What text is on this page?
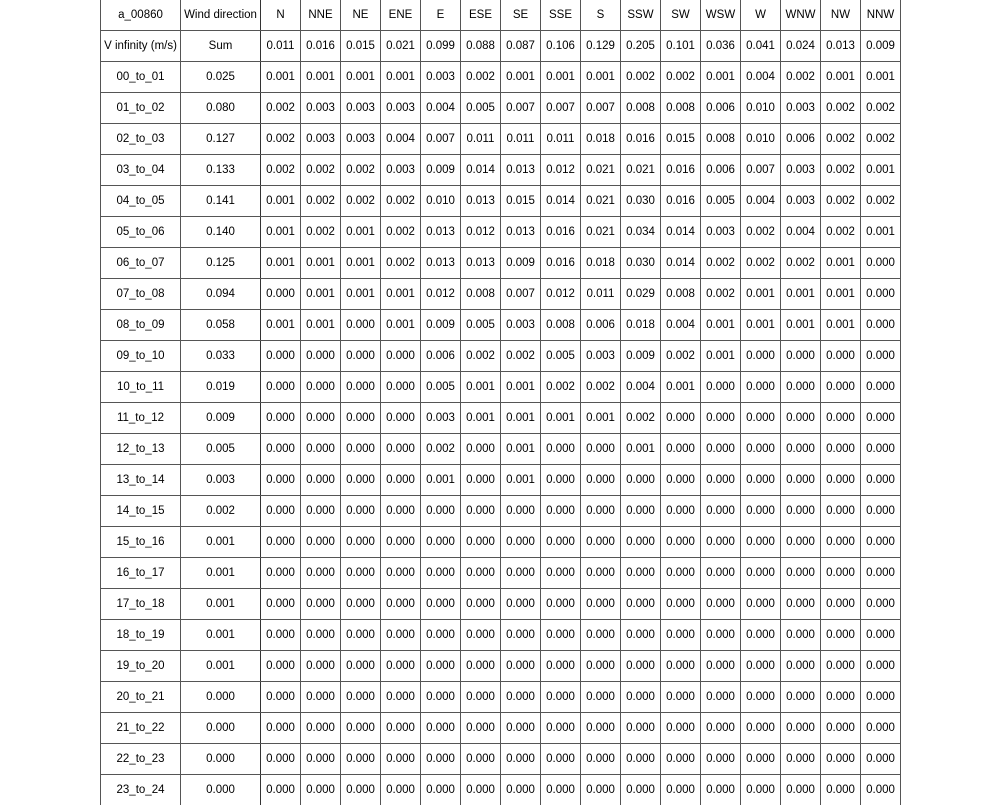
a_00860	Wind direction	N	NNE	NE	ENE	E	ESE	SE	SSE	S	SSW	SW	WSW	W	WNW	NW	NNW
V infinity (m/s)	Sum	0.011	0.016	0.015	0.021	0.099	0.088	0.087	0.106	0.129	0.205	0.101	0.036	0.041	0.024	0.013	0.009
00_to_01	0.025	0.001	0.001	0.001	0.001	0.003	0.002	0.001	0.001	0.001	0.002	0.002	0.001	0.004	0.002	0.001	0.001
01_to_02	0.080	0.002	0.003	0.003	0.003	0.004	0.005	0.007	0.007	0.007	0.008	0.008	0.006	0.010	0.003	0.002	0.002
02_to_03	0.127	0.002	0.003	0.003	0.004	0.007	0.011	0.011	0.011	0.018	0.016	0.015	0.008	0.010	0.006	0.002	0.002
03_to_04	0.133	0.002	0.002	0.002	0.003	0.009	0.014	0.013	0.012	0.021	0.021	0.016	0.006	0.007	0.003	0.002	0.001
04_to_05	0.141	0.001	0.002	0.002	0.002	0.010	0.013	0.015	0.014	0.021	0.030	0.016	0.005	0.004	0.003	0.002	0.002
05_to_06	0.140	0.001	0.002	0.001	0.002	0.013	0.012	0.013	0.016	0.021	0.034	0.014	0.003	0.002	0.004	0.002	0.001
06_to_07	0.125	0.001	0.001	0.001	0.002	0.013	0.013	0.009	0.016	0.018	0.030	0.014	0.002	0.002	0.002	0.001	0.000
07_to_08	0.094	0.000	0.001	0.001	0.001	0.012	0.008	0.007	0.012	0.011	0.029	0.008	0.002	0.001	0.001	0.001	0.000
08_to_09	0.058	0.001	0.001	0.000	0.001	0.009	0.005	0.003	0.008	0.006	0.018	0.004	0.001	0.001	0.001	0.001	0.000
09_to_10	0.033	0.000	0.000	0.000	0.000	0.006	0.002	0.002	0.005	0.003	0.009	0.002	0.001	0.000	0.000	0.000	0.000
10_to_11	0.019	0.000	0.000	0.000	0.000	0.005	0.001	0.001	0.002	0.002	0.004	0.001	0.000	0.000	0.000	0.000	0.000
11_to_12	0.009	0.000	0.000	0.000	0.000	0.003	0.001	0.001	0.001	0.001	0.002	0.000	0.000	0.000	0.000	0.000	0.000
12_to_13	0.005	0.000	0.000	0.000	0.000	0.002	0.000	0.001	0.000	0.000	0.001	0.000	0.000	0.000	0.000	0.000	0.000
13_to_14	0.003	0.000	0.000	0.000	0.000	0.001	0.000	0.001	0.000	0.000	0.000	0.000	0.000	0.000	0.000	0.000	0.000
14_to_15	0.002	0.000	0.000	0.000	0.000	0.000	0.000	0.000	0.000	0.000	0.000	0.000	0.000	0.000	0.000	0.000	0.000
15_to_16	0.001	0.000	0.000	0.000	0.000	0.000	0.000	0.000	0.000	0.000	0.000	0.000	0.000	0.000	0.000	0.000	0.000
16_to_17	0.001	0.000	0.000	0.000	0.000	0.000	0.000	0.000	0.000	0.000	0.000	0.000	0.000	0.000	0.000	0.000	0.000
17_to_18	0.001	0.000	0.000	0.000	0.000	0.000	0.000	0.000	0.000	0.000	0.000	0.000	0.000	0.000	0.000	0.000	0.000
18_to_19	0.001	0.000	0.000	0.000	0.000	0.000	0.000	0.000	0.000	0.000	0.000	0.000	0.000	0.000	0.000	0.000	0.000
19_to_20	0.001	0.000	0.000	0.000	0.000	0.000	0.000	0.000	0.000	0.000	0.000	0.000	0.000	0.000	0.000	0.000	0.000
20_to_21	0.000	0.000	0.000	0.000	0.000	0.000	0.000	0.000	0.000	0.000	0.000	0.000	0.000	0.000	0.000	0.000	0.000
21_to_22	0.000	0.000	0.000	0.000	0.000	0.000	0.000	0.000	0.000	0.000	0.000	0.000	0.000	0.000	0.000	0.000	0.000
22_to_23	0.000	0.000	0.000	0.000	0.000	0.000	0.000	0.000	0.000	0.000	0.000	0.000	0.000	0.000	0.000	0.000	0.000
23_to_24	0.000	0.000	0.000	0.000	0.000	0.000	0.000	0.000	0.000	0.000	0.000	0.000	0.000	0.000	0.000	0.000	0.000
